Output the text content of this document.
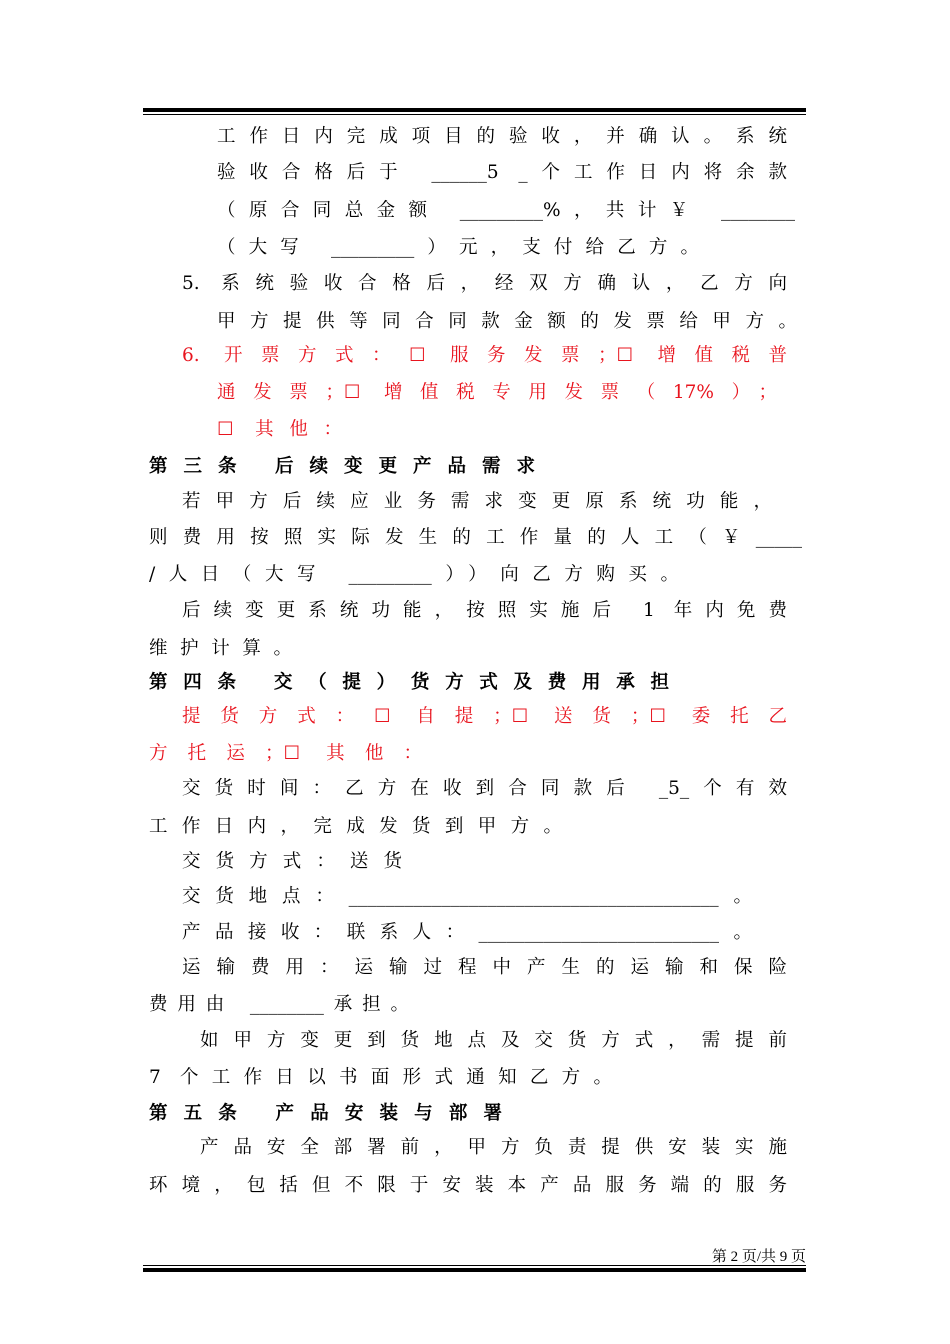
工作日内完成项目的验收，并确认。系统
验收合格后于 ______5 _个工作日内将余款
（原合同总金额 _________%，共计￥ ________
（大写 _________）元，支付给乙方。
5. 系统验收合格后，经双方确认，乙方向
甲方提供等同合同款金额的发票给甲方。
6. 开票方式：☐ 服务发票；☐ 增值税普
通发票；☐ 增值税专用发票（17%）；
☐ 其他：
第三条 后续变更产品需求
若甲方后续应业务需求变更原系统功能，
则费用按照实际发生的工作量的人工（￥_____
/人日（大写 _________））向乙方购买。
后续变更系统功能，按照实施后 1 年内免费
维护计算。
第四条 交（提）货方式及费用承担
提货方式：☐ 自提；☐ 送货；☐ 委托乙
方托运；☐ 其他：
交货时间：乙方在收到合同款后 _5_个有效
工作日内，完成发货到甲方。
交货方式：送货
交货地点：________________________________________。
产品接收：联系人：__________________________。
运输费用：运输过程中产生的运输和保险
费用由 ________承担。
如甲方变更到货地点及交货方式，需提前
7 个工作日以书面形式通知乙方。
第五条 产品安装与部署
产品安全部署前，甲方负责提供安装实施
环境，包括但不限于安装本产品服务端的服务
第 2 页/共 9 页
